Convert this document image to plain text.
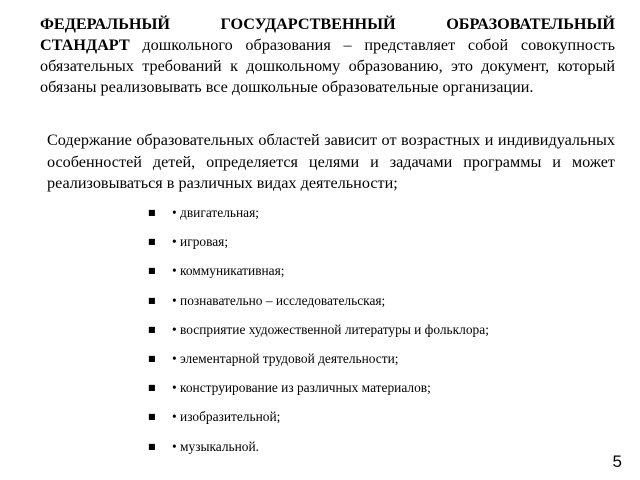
ФЕДЕРАЛЬНЫЙ ГОСУДАРСТВЕННЫЙ ОБРАЗОВАТЕЛЬНЫЙ СТАНДАРТ дошкольного образования – представляет собой совокупность обязательных требований к дошкольному образованию, это документ, который обязаны реализовывать все дошкольные образовательные организации.

Содержание образовательных областей зависит от возрастных и индивидуальных особенностей детей, определяется целями и задачами программы и может реализовываться в различных видах деятельности;

■	• двигательная;
■	• игровая;
■	• коммуникативная;
■	• познавательно – исследовательская;
■	• восприятие художественной литературы и фольклора;
■	• элементарной трудовой деятельности;
■	• конструирование из различных материалов;
■	• изобразительной;
■	• музыкальной.
5
